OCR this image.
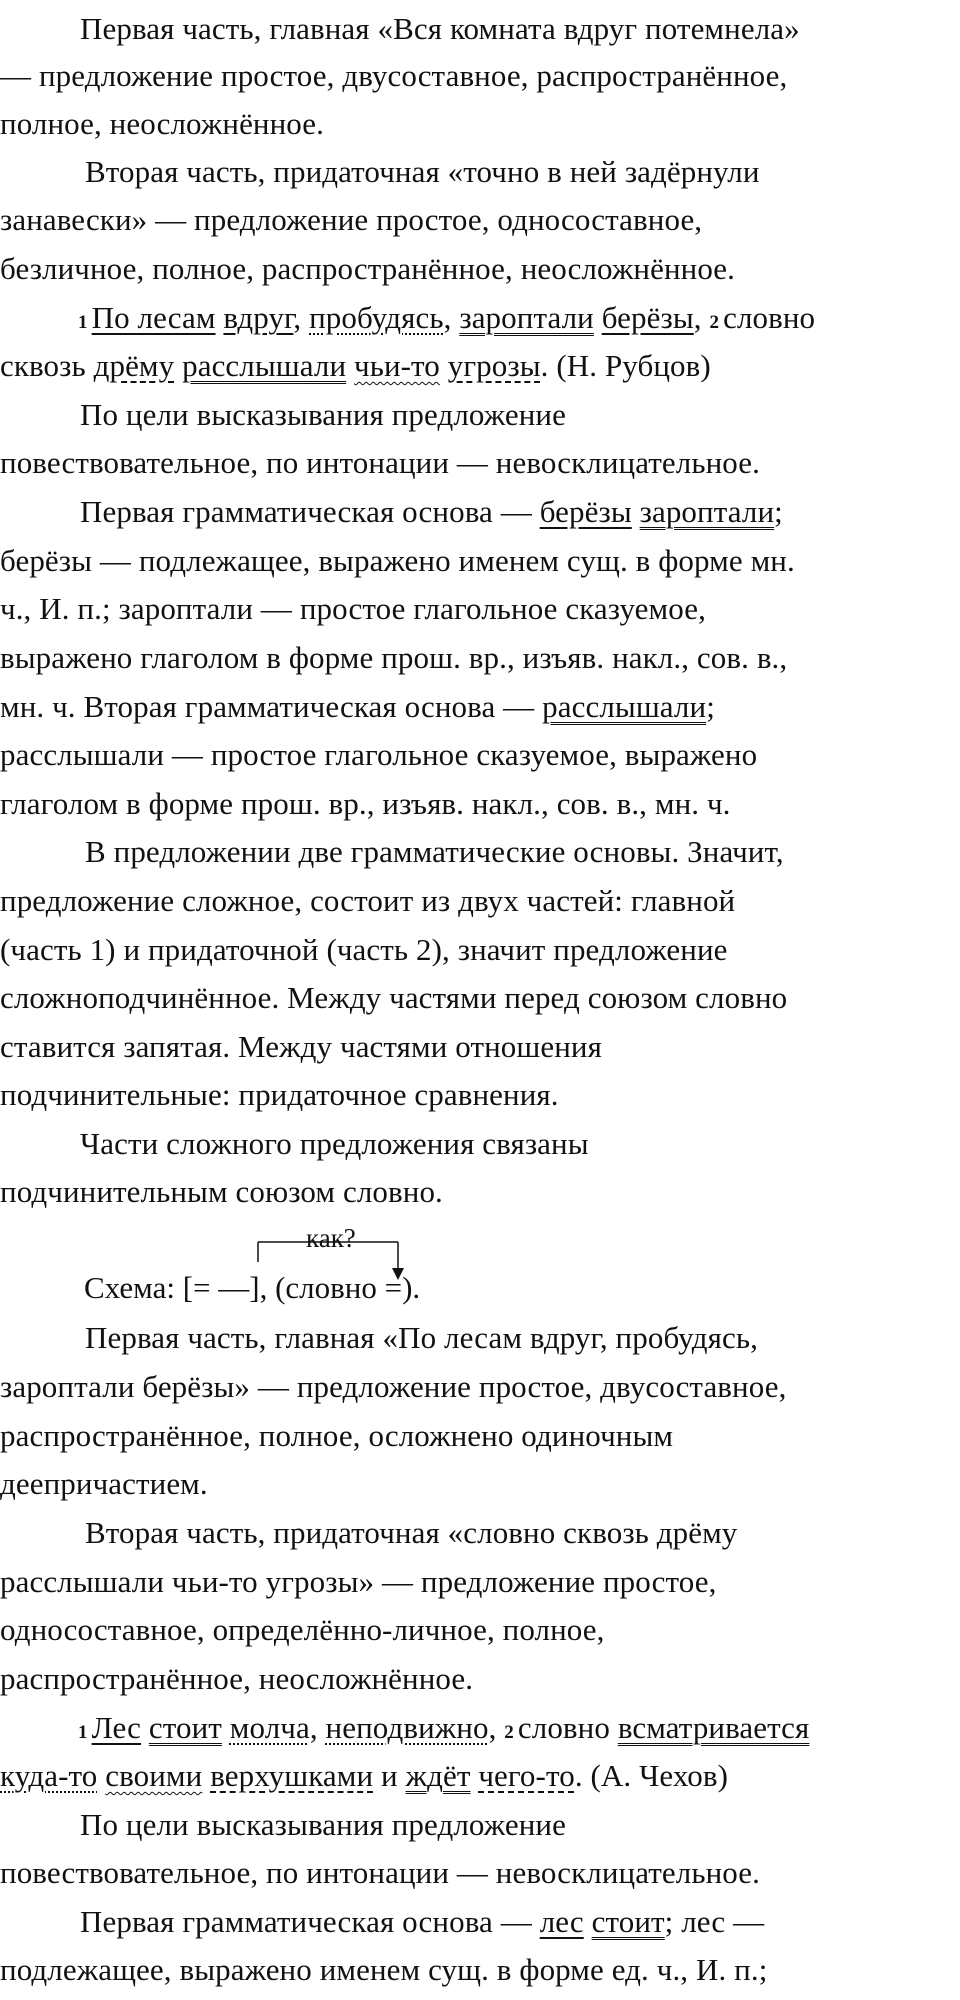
Первая часть, главная «Вся комната вдруг потемнела»
— предложение простое, двусоставное, распространённое,
полное, неосложнённое.
Вторая часть, придаточная «точно в ней задёрнули
занавески» — предложение простое, односоставное,
безличное, полное, распространённое, неосложнённое.
1 По лесам вдруг, пробудясь, зароптали берёзы, 2 словно
сквозь дрёму расслышали чьи-то угрозы. (Н. Рубцов)
По цели высказывания предложение
повествовательное, по интонации — невосклицательное.
Первая грамматическая основа — берёзы зароптали;
берёзы — подлежащее, выражено именем сущ. в форме мн.
ч., И. п.; зароптали — простое глагольное сказуемое,
выражено глаголом в форме прош. вр., изъяв. накл., сов. в.,
мн. ч. Вторая грамматическая основа — расслышали;
расслышали — простое глагольное сказуемое, выражено
глаголом в форме прош. вр., изъяв. накл., сов. в., мн. ч.
В предложении две грамматические основы. Значит,
предложение сложное, состоит из двух частей: главной
(часть 1) и придаточной (часть 2), значит предложение
сложноподчинённое. Между частями перед союзом словно
ставится запятая. Между частями отношения
подчинительные: придаточное сравнения.
Части сложного предложения связаны
подчинительным союзом словно.
как?
Схема: [= —], (словно =).
Первая часть, главная «По лесам вдруг, пробудясь,
зароптали берёзы» — предложение простое, двусоставное,
распространённое, полное, осложнено одиночным
деепричастием.
Вторая часть, придаточная «словно сквозь дрёму
расслышали чьи-то угрозы» — предложение простое,
односоставное, определённо-личное, полное,
распространённое, неосложнённое.
1 Лес стоит молча, неподвижно, 2 словно всматривается
куда-то своими верхушками и ждёт чего-то. (А. Чехов)
По цели высказывания предложение
повествовательное, по интонации — невосклицательное.
Первая грамматическая основа — лес стоит; лес —
подлежащее, выражено именем сущ. в форме ед. ч., И. п.;
